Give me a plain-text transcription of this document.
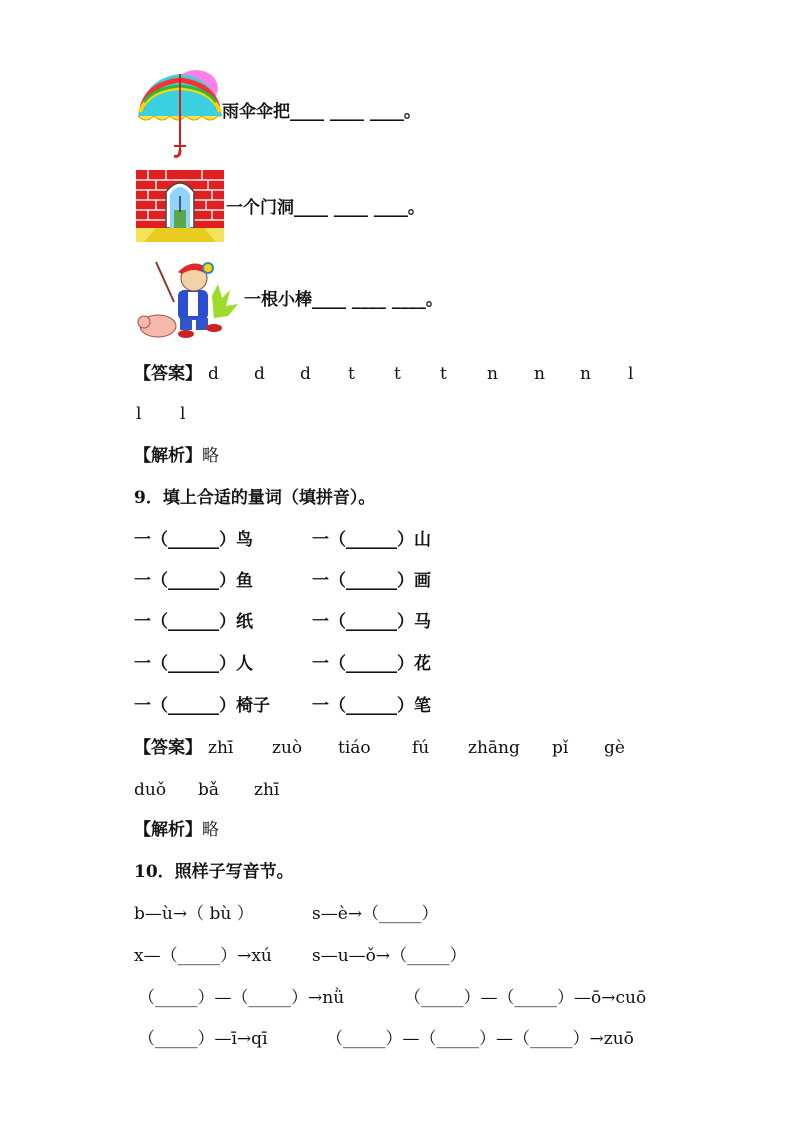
雨伞伞把____ ____ ____。
一个门洞____ ____ ____。
一根小棒____ ____ ____。
【答案】 d d d t t t n n n l
l l
【解析】略
9．填上合适的量词（填拼音）。
一（______）鸟	一（______）山
一（______）鱼	一（______）画
一（______）纸	一（______）马
一（______）人	一（______）花
一（______）椅子 一（______）笔
【答案】 zhī zuò tiáo fú zhāng pǐ gè
duǒ bǎ zhī
【解析】略
10．照样子写音节。
b—ù→（ bù ）	s—è→（_____）
x—（_____）→xú s—u—ǒ→（_____）
（_____）—（_____）→nǜ	（_____）—（_____）—ō→cuō
（_____）—ī→qī	（_____）—（_____）—（_____）→zuō
